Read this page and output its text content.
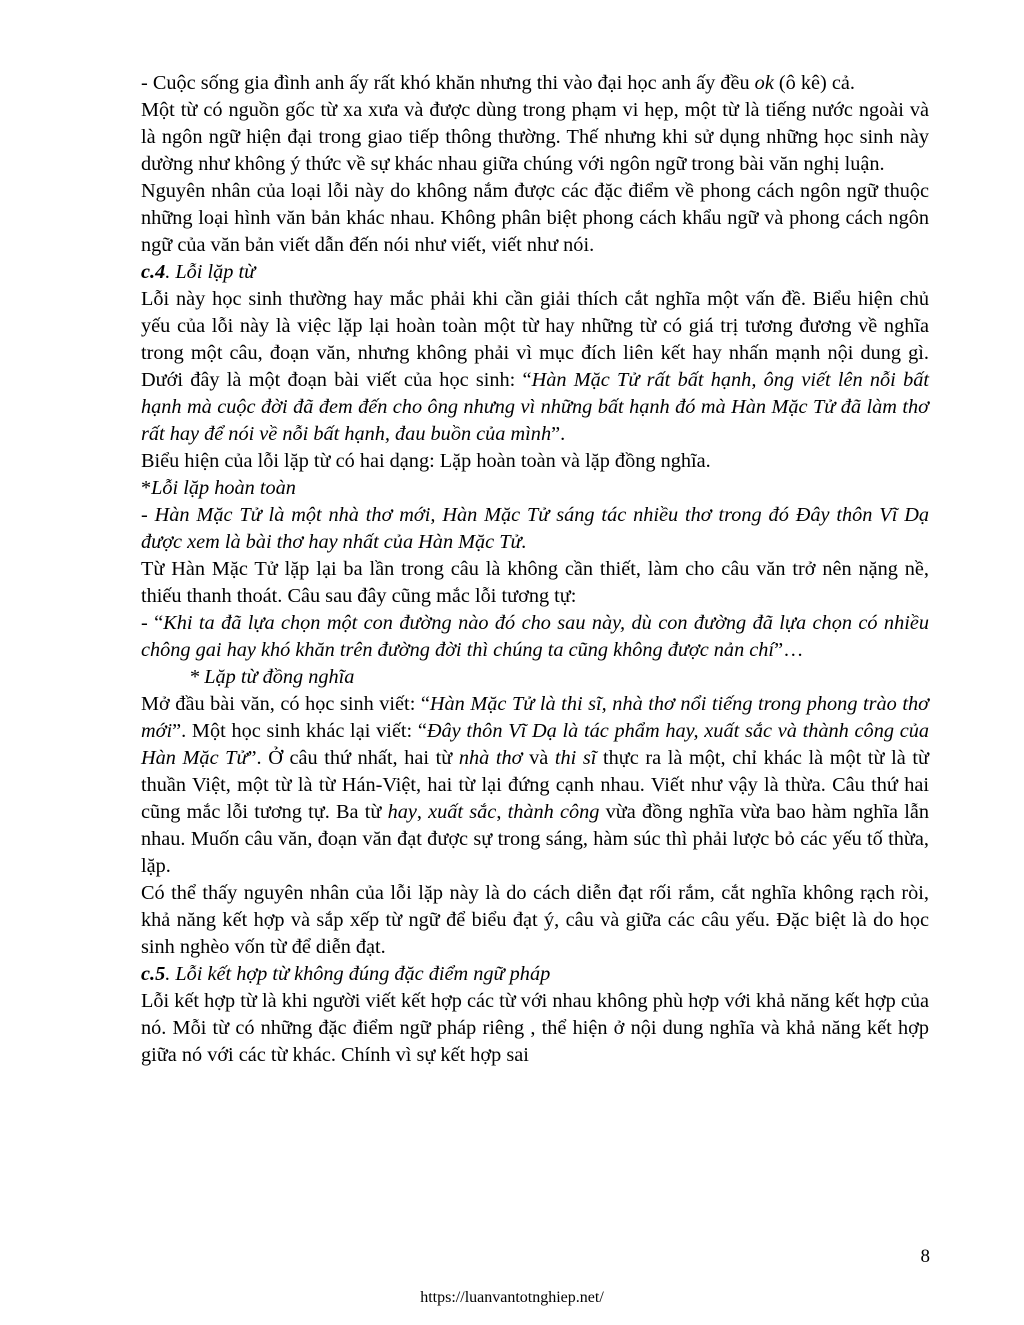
- Cuộc sống gia đình anh ấy rất khó khăn nhưng thi vào đại học anh ấy đều ok (ô kê) cả.

Một từ có nguồn gốc từ xa xưa và được dùng trong phạm vi hẹp, một từ là tiếng nước ngoài và là ngôn ngữ hiện đại trong giao tiếp thông thường. Thế nhưng khi sử dụng những học sinh này dường như không ý thức về sự khác nhau giữa chúng với ngôn ngữ trong bài văn nghị luận.

Nguyên nhân của loại lỗi này do không nắm được các đặc điểm về phong cách ngôn ngữ thuộc những loại hình văn bản khác nhau. Không phân biệt phong cách khẩu ngữ và phong cách ngôn ngữ của văn bản viết dẫn đến nói như viết, viết như nói.

c.4. Lỗi lặp từ

Lỗi này học sinh thường hay mắc phải khi cần giải thích cắt nghĩa một vấn đề. Biểu hiện chủ yếu của lỗi này là việc lặp lại hoàn toàn một từ hay những từ có giá trị tương đương về nghĩa trong một câu, đoạn văn, nhưng không phải vì mục đích liên kết hay nhấn mạnh nội dung gì. Dưới đây là một đoạn bài viết của học sinh: “Hàn Mặc Tử rất bất hạnh, ông viết lên nỗi bất hạnh mà cuộc đời đã đem đến cho ông nhưng vì những bất hạnh đó mà Hàn Mặc Tử đã làm thơ rất hay để nói về nỗi bất hạnh, đau buồn của mình”.

Biểu hiện của lỗi lặp từ có hai dạng: Lặp hoàn toàn và lặp đồng nghĩa.

*Lỗi lặp hoàn toàn

- Hàn Mặc Tử là một nhà thơ mới, Hàn Mặc Tử sáng tác nhiều thơ trong đó Đây thôn Vĩ Dạ được xem là bài thơ hay nhất của Hàn Mặc Tử.

Từ Hàn Mặc Tử lặp lại ba lần trong câu là không cần thiết, làm cho câu văn trở nên nặng nề, thiếu thanh thoát. Câu sau đây cũng mắc lỗi tương tự:

- “Khi ta đã lựa chọn một con đường nào đó cho sau này, dù con đường đã lựa chọn có nhiều chông gai hay khó khăn trên đường đời thì chúng ta cũng không được nản chí”…

* Lặp từ đồng nghĩa

Mở đầu bài văn, có học sinh viết: “Hàn Mặc Tử là thi sĩ, nhà thơ nổi tiếng trong phong trào thơ mới”. Một học sinh khác lại viết: “Đây thôn Vĩ Dạ là tác phẩm hay, xuất sắc và thành công của Hàn Mặc Tử”. Ở câu thứ nhất, hai từ nhà thơ và thi sĩ thực ra là một, chỉ khác là một từ là từ thuần Việt, một từ là từ Hán-Việt, hai từ lại đứng cạnh nhau. Viết như vậy là thừa. Câu thứ hai cũng mắc lỗi tương tự. Ba từ hay, xuất sắc, thành công vừa đồng nghĩa vừa bao hàm nghĩa lẫn nhau. Muốn câu văn, đoạn văn đạt được sự trong sáng, hàm súc thì phải lược bỏ các yếu tố thừa, lặp.

Có thể thấy nguyên nhân của lỗi lặp này là do cách diễn đạt rối rắm, cắt nghĩa không rạch ròi, khả năng kết hợp và sắp xếp từ ngữ để biểu đạt ý, câu và giữa các câu yếu. Đặc biệt là do học sinh nghèo vốn từ để diễn đạt.

c.5. Lỗi kết hợp từ không đúng đặc điểm ngữ pháp

Lỗi kết hợp từ là khi người viết kết hợp các từ với nhau không phù hợp với khả năng kết hợp của nó. Mỗi từ có những đặc điểm ngữ pháp riêng , thể hiện ở nội dung nghĩa và khả năng kết hợp giữa nó với các từ khác. Chính vì sự kết hợp sai

8
https://luanvantotnghiep.net/
